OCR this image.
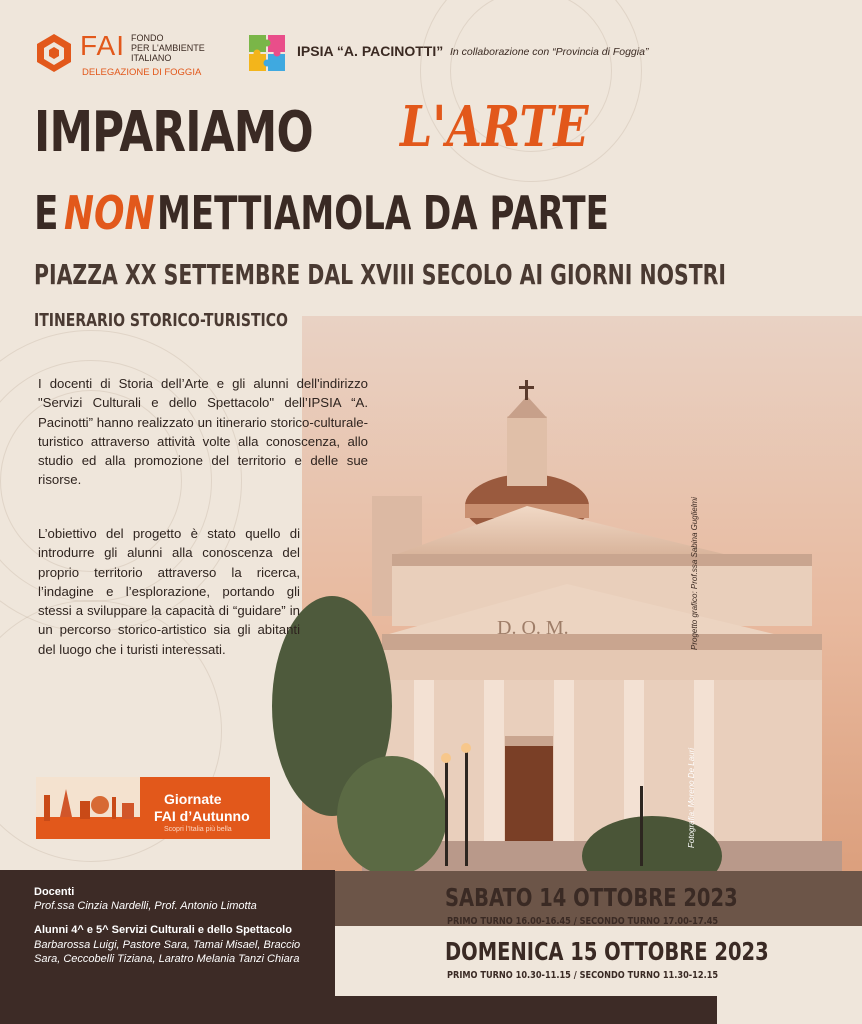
FAI FONDO
PER L'AMBIENTE
ITALIANO
DELEGAZIONE DI FOGGIA
IPSIA “A. PACINOTTI” In collaborazione con “Provincia di Foggia”
IMPARIAMO L'ARTE
E NON METTIAMOLA DA PARTE
PIAZZA XX SETTEMBRE DAL XVIII SECOLO AI GIORNI NOSTRI
ITINERARIO STORICO-TURISTICO
D. O. M.	Progetto grafico: Prof.ssa Sabina Guglielmi
Fotografia: Moreno De Lauri
I docenti di Storia dell’Arte e gli alunni dell'indirizzo "Servizi Culturali e dello Spettacolo" dell’IPSIA “A. Pacinotti” hanno realizzato un itinerario storico-culturale-turistico attraverso attività volte alla conoscenza, allo studio ed alla promozione del territorio e delle sue risorse.
L’obiettivo del progetto è stato quello di introdurre gli alunni alla conoscenza del proprio territorio attraverso la ricerca, l’indagine e l’esplorazione, portando gli stessi a sviluppare la capacità di “guidare” in un percorso storico-artistico sia gli abitanti del luogo che i turisti interessati.
Giornate
FAI d’Autunno
Scopri l’Italia più bella
Docenti
Prof.ssa Cinzia Nardelli, Prof. Antonio Limotta
Alunni 4^ e 5^ Servizi Culturali e dello Spettacolo
Barbarossa Luigi, Pastore Sara, Tamai Misael, Braccio Sara, Ceccobelli Tiziana, Laratro Melania Tanzi Chiara
SABATO 14 OTTOBRE 2023
PRIMO TURNO 16.00-16.45 / SECONDO TURNO 17.00-17.45
DOMENICA 15 OTTOBRE 2023
PRIMO TURNO 10.30-11.15 / SECONDO TURNO 11.30-12.15
